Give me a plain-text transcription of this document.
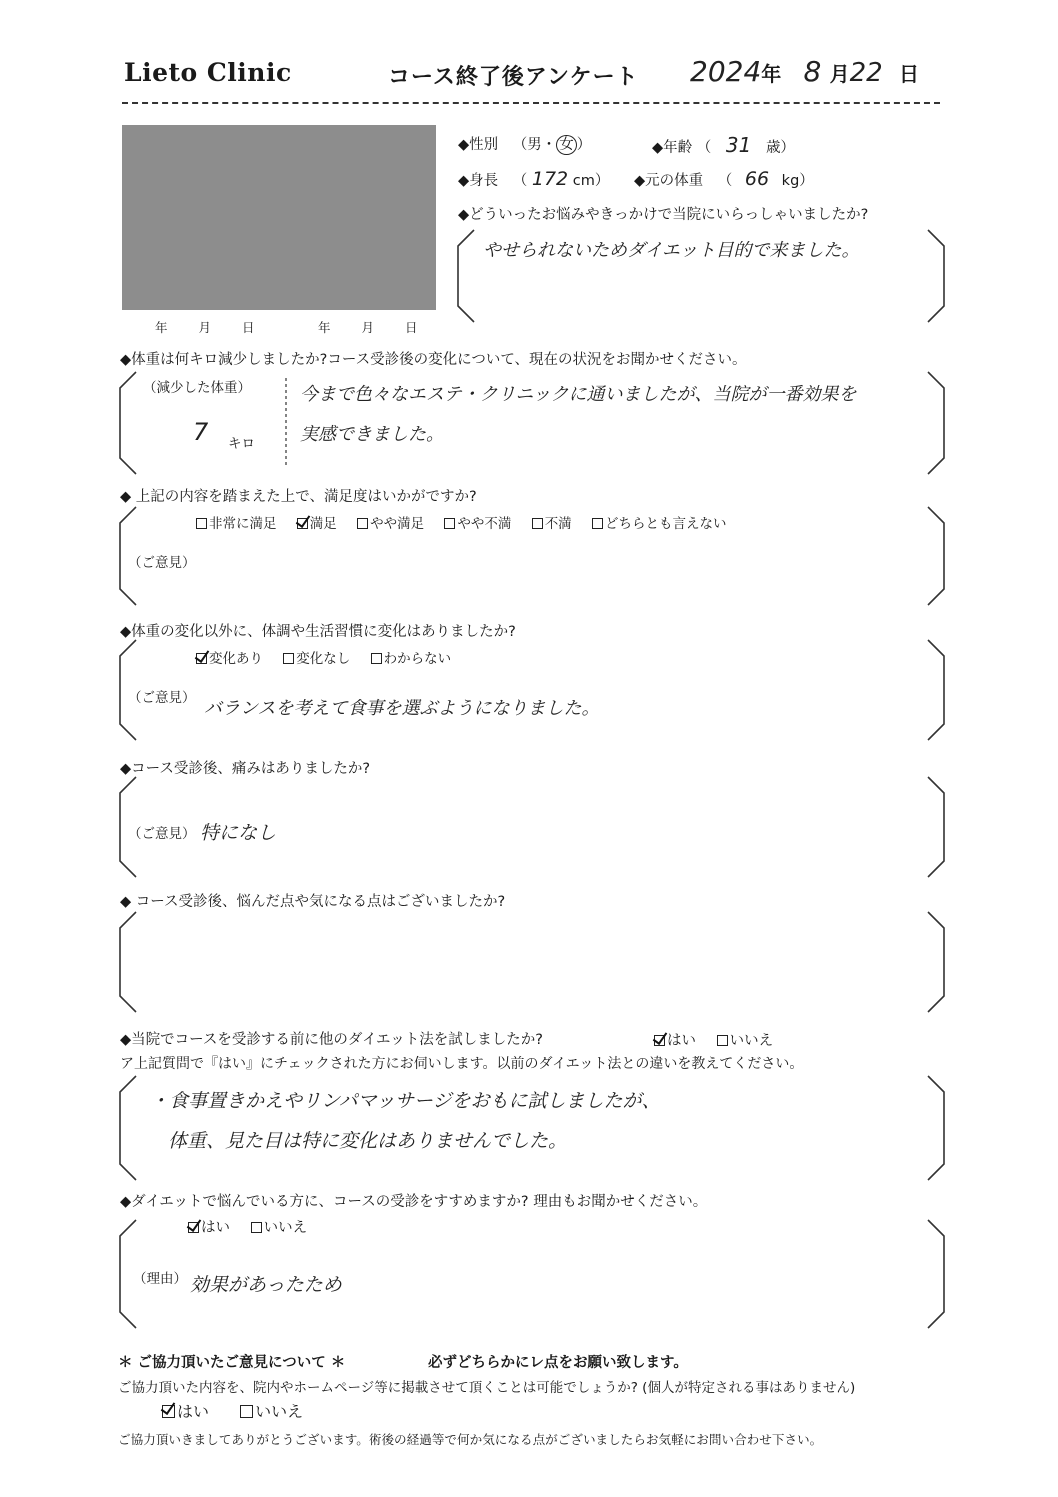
Lieto Clinic	コース終了後アンケート 2024年 8 月22 日
年　　月　　日	年　　月　　日
◆性別 （男・ 女 ）	◆年齢 （ 31 歳）
◆身長 （ 172 cm） ◆元の体重 （ 66 kg）
◆どういったお悩みやきっかけで当院にいらっしゃいましたか?
やせられないためダイエット目的で来ました。
◆体重は何キロ減少しましたか?コース受診後の変化について、現在の状況をお聞かせください。
（減少した体重）
7 キロ
今まで色々なエステ・クリニックに通いましたが、当院が一番効果を
実感できました。
◆ 上記の内容を踏まえた上で、満足度はいかがですか?
非常に満足 満足 やや満足 やや不満 不満 どちらとも言えない
（ご意見）
◆体重の変化以外に、体調や生活習慣に変化はありましたか?
変化あり 変化なし わからない
（ご意見） バランスを考えて食事を選ぶようになりました。
◆コース受診後、痛みはありましたか?
（ご意見） 特になし
◆ コース受診後、悩んだ点や気になる点はございましたか?
◆当院でコースを受診する前に他のダイエット法を試しましたか?	はい いいえ
ア上記質問で『はい』にチェックされた方にお伺いします。以前のダイエット法との違いを教えてください。
・食事置きかえやリンパマッサージをおもに試しましたが、
体重、見た目は特に変化はありませんでした。
◆ダイエットで悩んでいる方に、コースの受診をすすめますか? 理由もお聞かせください。
はい いいえ
（理由） 効果があったため
＊ ご協力頂いたご意見について ＊	必ずどちらかにレ点をお願い致します。
ご協力頂いた内容を、院内やホームページ等に掲載させて頂くことは可能でしょうか? (個人が特定される事はありません)
はい	いいえ
ご協力頂いきましてありがとうございます。術後の経過等で何か気になる点がございましたらお気軽にお問い合わせ下さい。
